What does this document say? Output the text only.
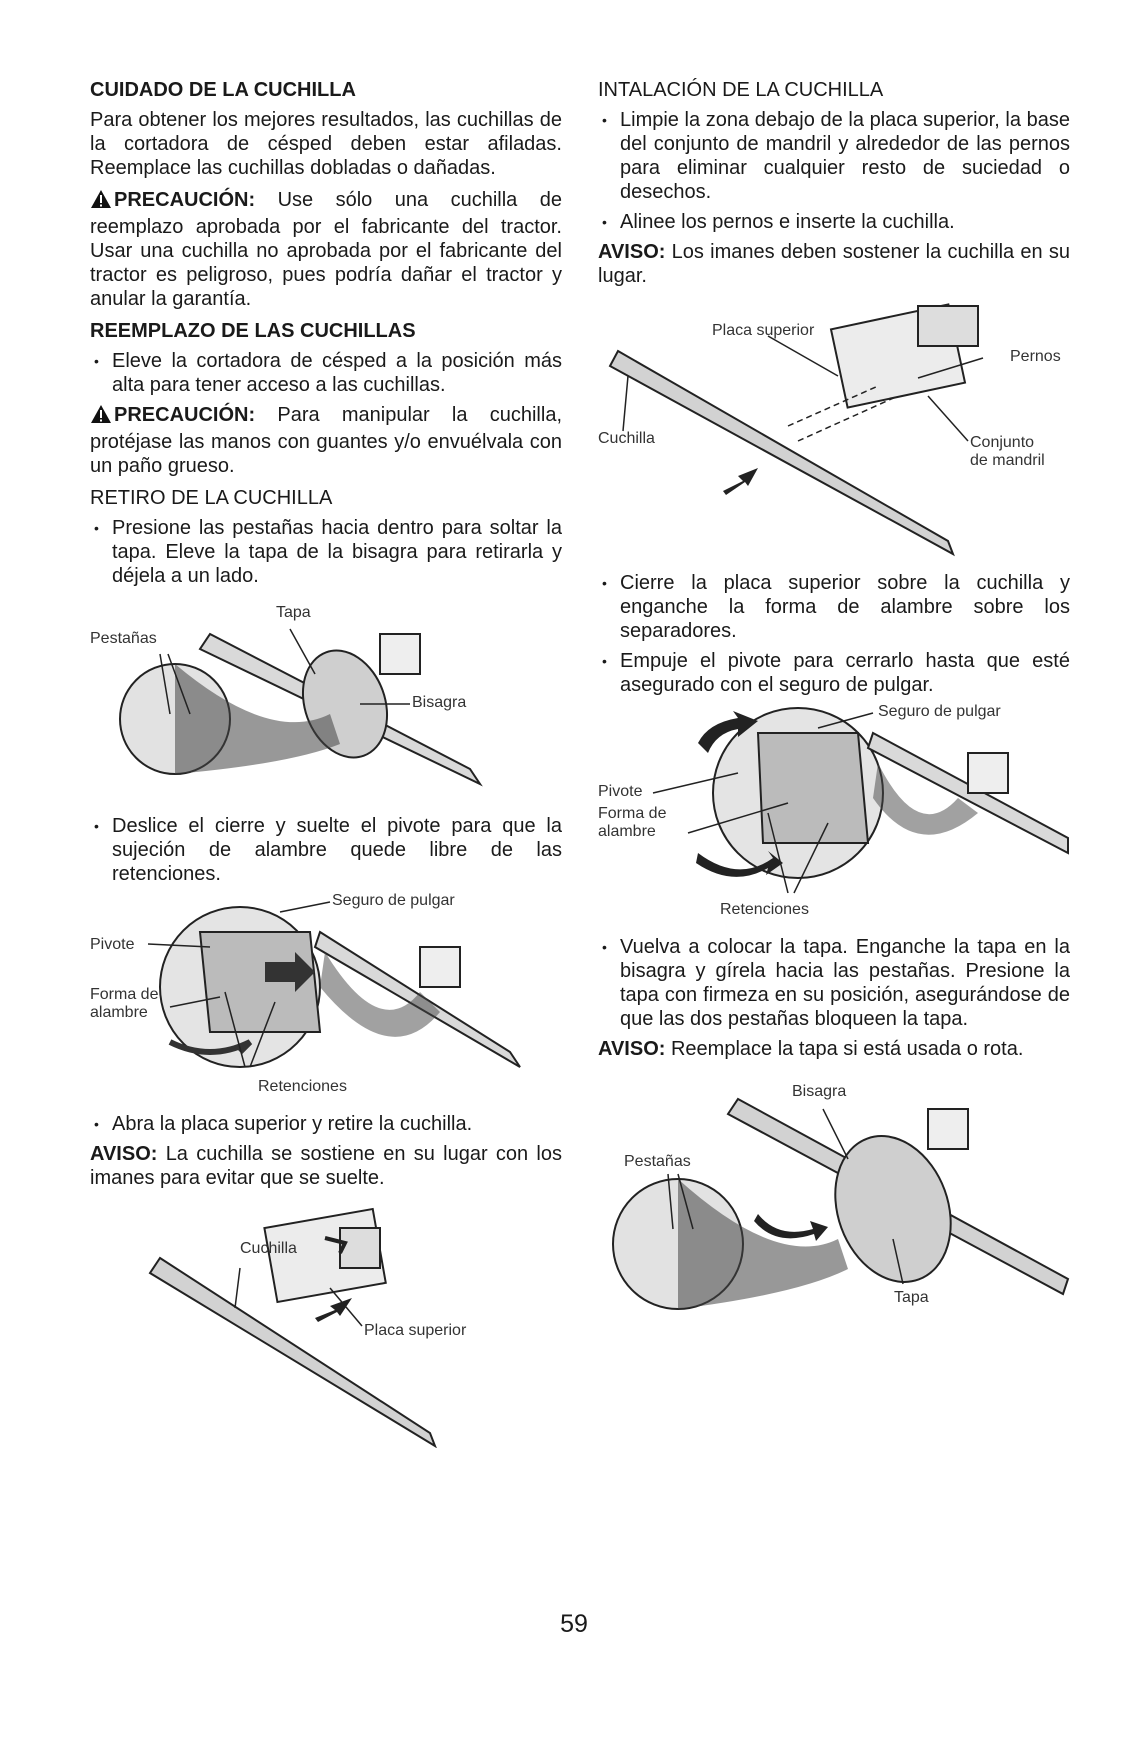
CUIDADO DE LA CUCHILLA

Para obtener los mejores resultados, las cuchillas de la cortadora de césped deben estar afiladas. Reemplace las cuchillas dobladas o dañadas.

PRECAUCIÓN: Use sólo una cuchilla de reemplazo aprobada por el fabricante del tractor. Usar una cuchilla no aprobada por el fabricante del tractor es peligroso, pues podría dañar el tractor y anular la garantía.

REEMPLAZO DE LAS CUCHILLAS
• Eleve la cortadora de césped a la posición más alta para tener acceso a las cuchillas.

PRECAUCIÓN: Para manipular la cuchilla, protéjase las manos con guantes y/o envuélvala con un paño grueso.

RETIRO DE LA CUCHILLA
• Presione las pestañas hacia dentro para soltar la tapa. Eleve la tapa de la bisagra para retirarla y déjela a un lado.
Tapa
Pestañas
Bisagra
• Deslice el cierre y suelte el pivote para que la sujeción de alambre quede libre de las retenciones.
Seguro de pulgar
Pivote
Forma de
alambre
Retenciones
• Abra la placa superior y retire la cuchilla.

AVISO: La cuchilla se sostiene en su lugar con los imanes para evitar que se suelte.

Cuchilla
Placa superior
INTALACIÓN DE LA CUCHILLA
• Limpie la zona debajo de la placa superior, la base del conjunto de mandril y alrededor de las pernos para eliminar cualquier resto de suciedad o desechos.
• Alinee los pernos e inserte la cuchilla.

AVISO: Los imanes deben sostener la cuchilla en su lugar.

Placa superior
Pernos
Cuchilla	Conjunto
de mandril
• Cierre la placa superior sobre la cuchilla y enganche la forma de alambre sobre los separadores.
• Empuje el pivote para cerrarlo hasta que esté asegurado con el seguro de pulgar.
Seguro de pulgar
Pivote
Forma de
alambre
Retenciones
• Vuelva a colocar la tapa. Enganche la tapa en la bisagra y gírela hacia las pestañas. Presione la tapa con firmeza en su posición, asegurándose de que las dos pestañas bloqueen la tapa.

AVISO: Reemplace la tapa si está usada o rota.

Bisagra
Pestañas
Tapa
59
